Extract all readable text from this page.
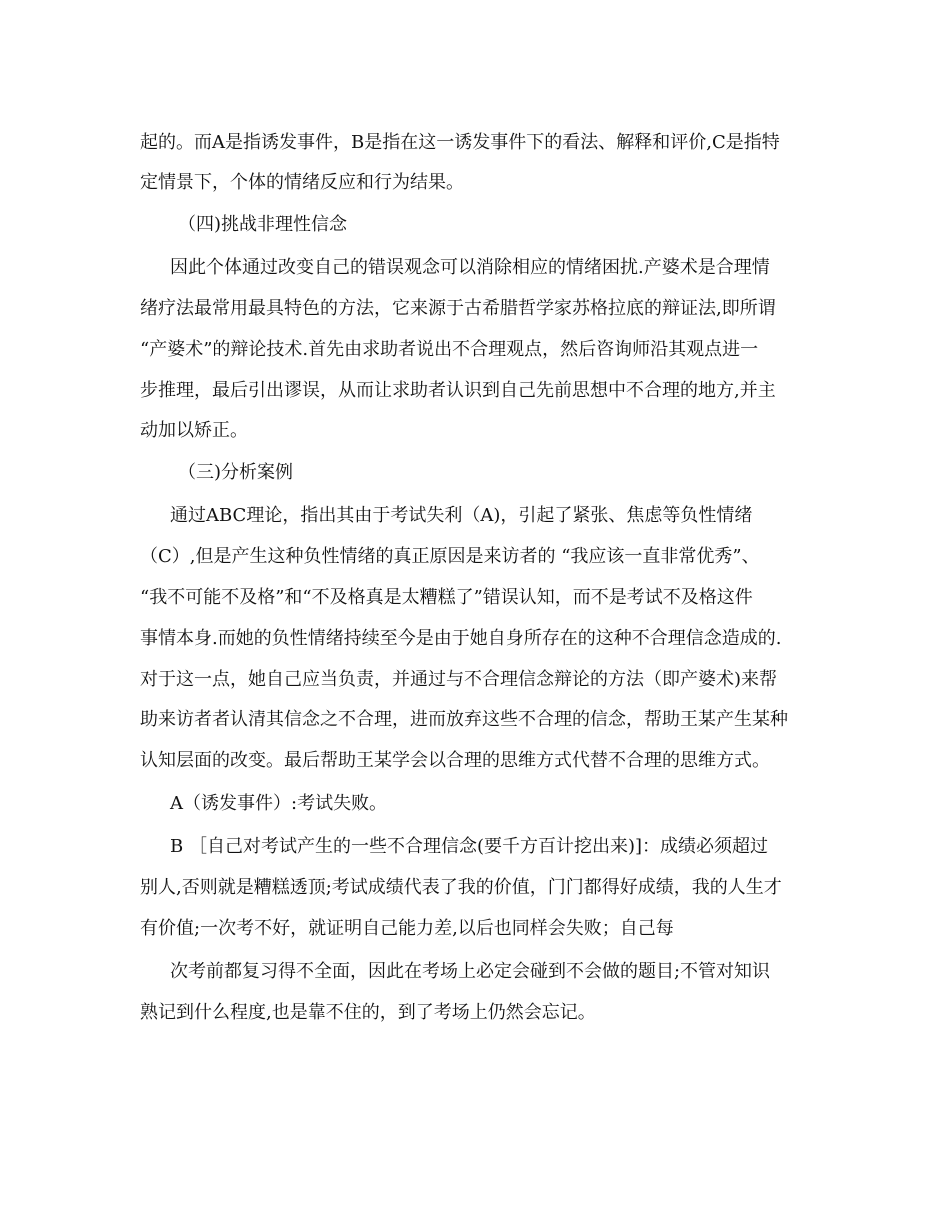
起的。而A是指诱发事件，B是指在这一诱发事件下的看法、解释和评价,C是指特
定情景下，个体的情绪反应和行为结果。
（四)挑战非理性信念
因此个体通过改变自己的错误观念可以消除相应的情绪困扰.产婆术是合理情
绪疗法最常用最具特色的方法，它来源于古希腊哲学家苏格拉底的辩证法,即所谓
“产婆术”的辩论技术.首先由求助者说出不合理观点，然后咨询师沿其观点进一
步推理，最后引出谬误，从而让求助者认识到自己先前思想中不合理的地方,并主
动加以矫正。
（三)分析案例
通过ABC理论，指出其由于考试失利（A)，引起了紧张、焦虑等负性情绪
（C）,但是产生这种负性情绪的真正原因是来访者的 “我应该一直非常优秀”、
“我不可能不及格”和“不及格真是太糟糕了”错误认知，而不是考试不及格这件
事情本身.而她的负性情绪持续至今是由于她自身所存在的这种不合理信念造成的.
对于这一点，她自己应当负责，并通过与不合理信念辩论的方法（即产婆术)来帮
助来访者者认清其信念之不合理，进而放弃这些不合理的信念，帮助王某产生某种
认知层面的改变。最后帮助王某学会以合理的思维方式代替不合理的思维方式。
A（诱发事件）:考试失败。
B ［自己对考试产生的一些不合理信念(要千方百计挖出来)]：成绩必须超过
别人,否则就是糟糕透顶;考试成绩代表了我的价值，门门都得好成绩，我的人生才
有价值;一次考不好，就证明自己能力差,以后也同样会失败；自己每
次考前都复习得不全面，因此在考场上必定会碰到不会做的题目;不管对知识
熟记到什么程度,也是靠不住的，到了考场上仍然会忘记。
